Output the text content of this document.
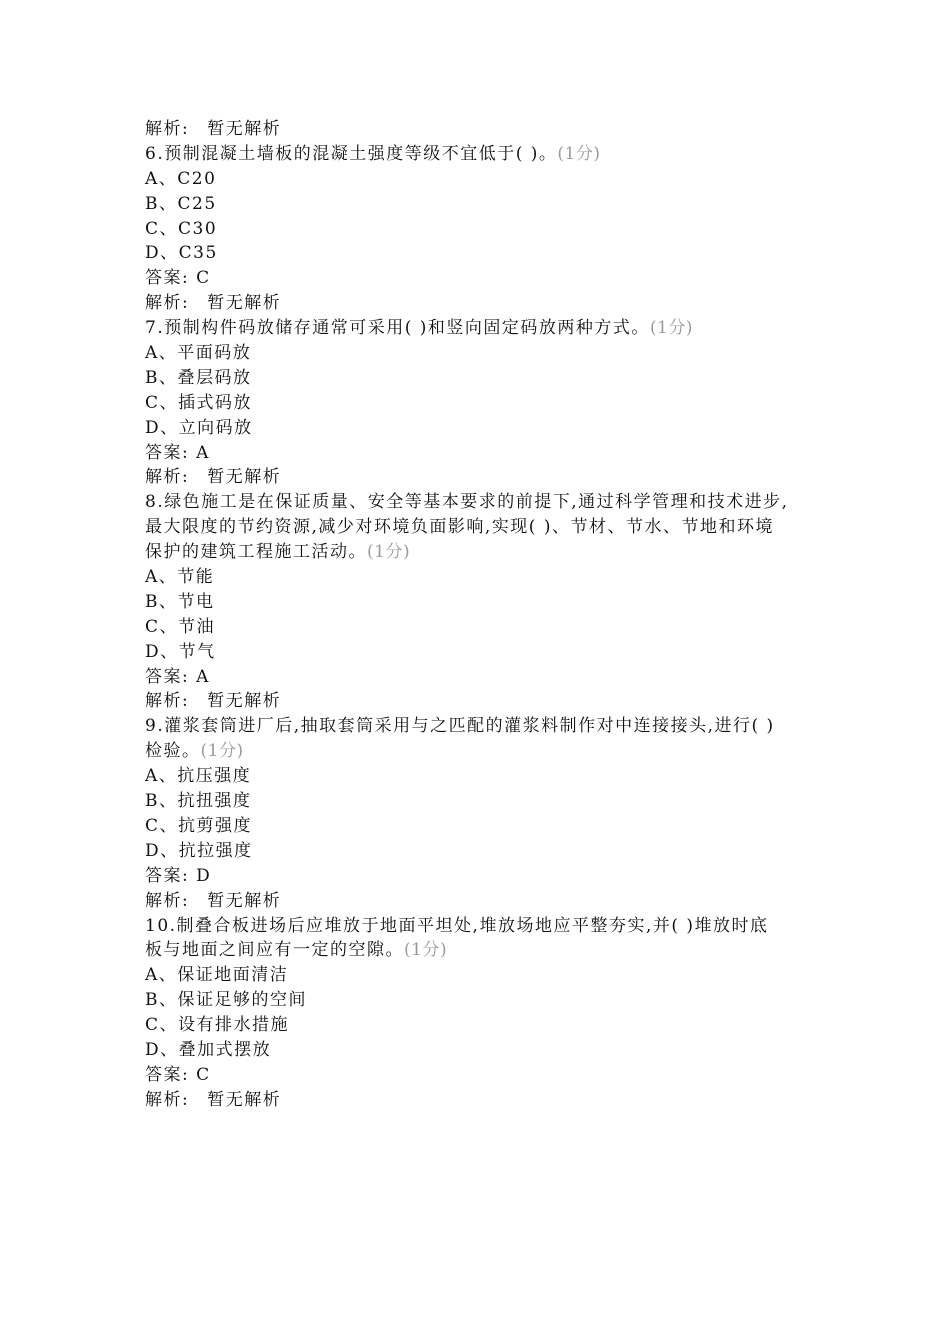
解析: 暂无解析
6.预制混凝土墙板的混凝土强度等级不宜低于( )。(1分)
A、C20
B、C25
C、C30
D、C35
答案: C
解析: 暂无解析
7.预制构件码放储存通常可采用( )和竖向固定码放两种方式。(1分)
A、平面码放
B、叠层码放
C、插式码放
D、立向码放
答案: A
解析: 暂无解析
8.绿色施工是在保证质量、安全等基本要求的前提下,通过科学管理和技术进步,
最大限度的节约资源,减少对环境负面影响,实现( )、节材、节水、节地和环境
保护的建筑工程施工活动。(1分)
A、节能
B、节电
C、节油
D、节气
答案: A
解析: 暂无解析
9.灌浆套筒进厂后,抽取套筒采用与之匹配的灌浆料制作对中连接接头,进行( )
检验。(1分)
A、抗压强度
B、抗扭强度
C、抗剪强度
D、抗拉强度
答案: D
解析: 暂无解析
10.制叠合板进场后应堆放于地面平坦处,堆放场地应平整夯实,并( )堆放时底
板与地面之间应有一定的空隙。(1分)
A、保证地面清洁
B、保证足够的空间
C、设有排水措施
D、叠加式摆放
答案: C
解析: 暂无解析
